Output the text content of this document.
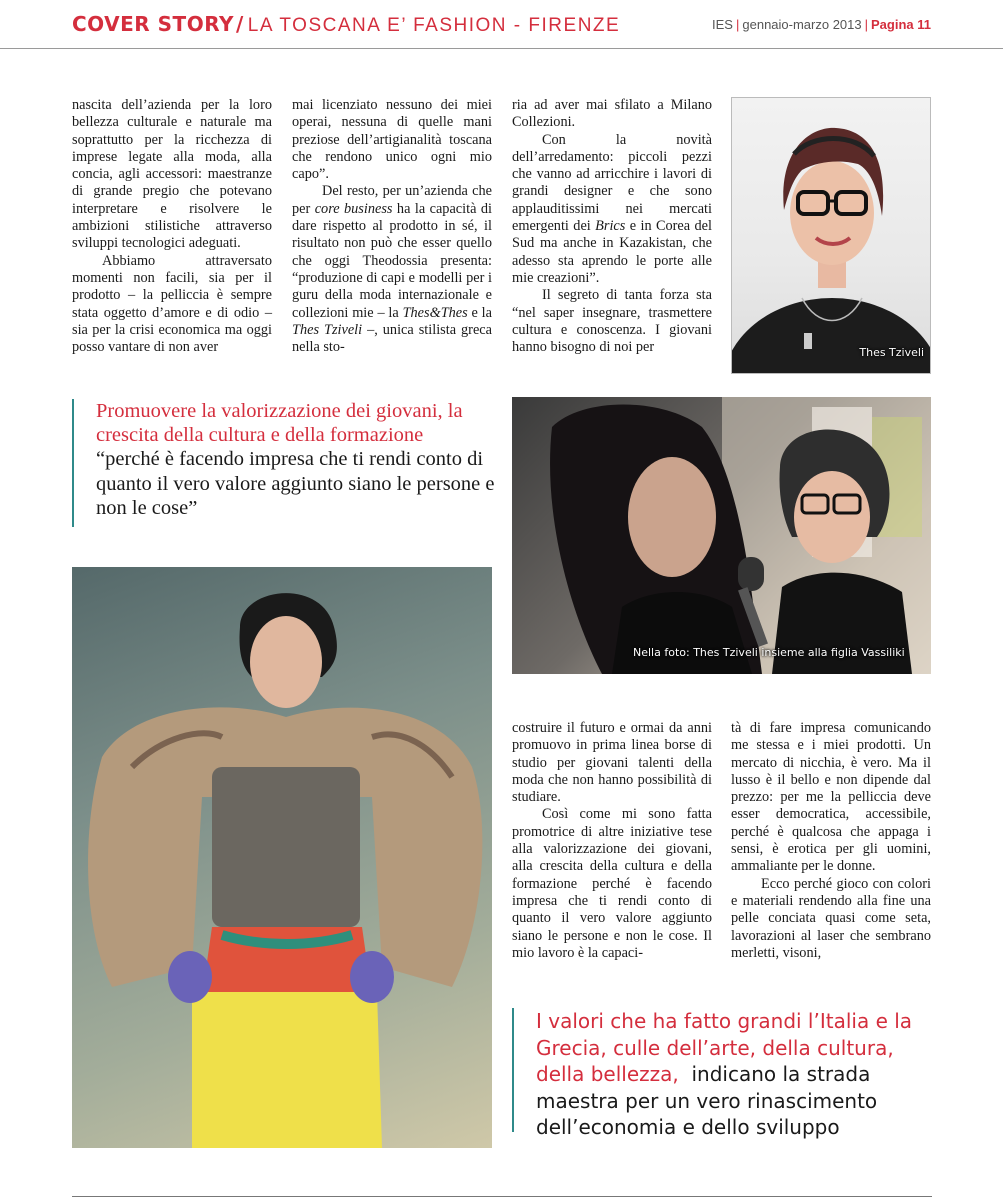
COVER STORY / LA TOSCANA E’ FASHION - FIRENZE	IES | gennaio-marzo 2013 | Pagina 11

nascita dell’azienda per la loro bellezza culturale e naturale ma soprattutto per la ricchezza di imprese legate alla moda, alla concia, agli accessori: maestranze di grande pregio che potevano interpretare e risolvere le ambizioni stilistiche attraverso sviluppi tecnologici adeguati.

Abbiamo attraversato momenti non facili, sia per il prodotto – la pelliccia è sempre stata oggetto d’amore e di odio – sia per la crisi economica ma oggi posso vantare di non aver

mai licenziato nessuno dei miei operai, nessuna di quelle mani preziose dell’artigianalità toscana che rendono unico ogni mio capo”.

Del resto, per un’azienda che per core business ha la capacità di dare rispetto al prodotto in sé, il risultato non può che esser quello che oggi Theodossia presenta: “produzione di capi e modelli per i guru della moda internazionale e collezioni mie – la Thes&Thes e la Thes Tziveli –, unica stilista greca nella sto-

ria ad aver mai sfilato a Milano Collezioni.

Con la novità dell’arredamento: piccoli pezzi che vanno ad arricchire i lavori di grandi designer e che sono applauditissimi nei mercati emergenti dei Brics e in Corea del Sud ma anche in Kazakistan, che adesso sta aprendo le porte alle mie creazioni”.

Il segreto di tanta forza sta “nel saper insegnare, trasmettere cultura e conoscenza. I giovani hanno bisogno di noi per	Thes Tziveli
Promuovere la valorizzazione dei giovani, la crescita della cultura e della formazione
“perché è facendo impresa che ti rendi conto di quanto il vero valore aggiunto siano le persone e non le cose”
Nella foto: Thes Tziveli insieme alla figlia Vassiliki

costruire il futuro e ormai da anni promuovo in prima linea borse di studio per giovani talenti della moda che non hanno possibilità di studiare.

Così come mi sono fatta promotrice di altre iniziative tese alla valorizzazione dei giovani, alla crescita della cultura e della formazione perché è facendo impresa che ti rendi conto di quanto il vero valore aggiunto siano le persone e non le cose. Il mio lavoro è la capaci-

tà di fare impresa comunicando me stessa e i miei prodotti. Un mercato di nicchia, è vero. Ma il lusso è il bello e non dipende dal prezzo: per me la pelliccia deve esser democratica, accessibile, perché è qualcosa che appaga i sensi, è erotica per gli uomini, ammaliante per le donne.

Ecco perché gioco con colori e materiali rendendo alla fine una pelle conciata quasi come seta, lavorazioni al laser che sembrano merletti, visoni,

I valori che ha fatto grandi l’Italia e la Grecia, culle dell’arte, della cultura, della bellezza, indicano la strada maestra per un vero rinascimento dell’economia e dello sviluppo
